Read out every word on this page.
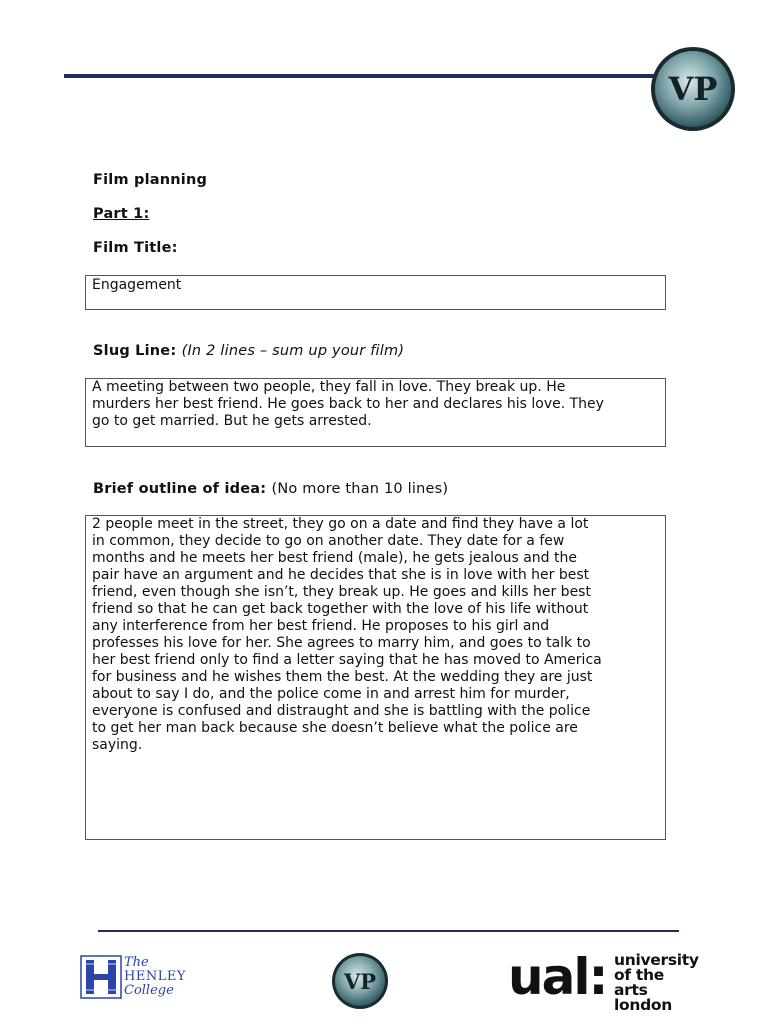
VP
Film planning
Part 1:
Film Title:
Engagement
Slug Line: (In 2 lines – sum up your film)
A meeting between two people, they fall in love. They break up. He
murders her best friend. He goes back to her and declares his love. They
go to get married. But he gets arrested.
Brief outline of idea: (No more than 10 lines)
2 people meet in the street, they go on a date and find they have a lot
in common, they decide to go on another date. They date for a few
months and he meets her best friend (male), he gets jealous and the
pair have an argument and he decides that she is in love with her best
friend, even though she isn’t, they break up. He goes and kills her best
friend so that he can get back together with the love of his life without
any interference from her best friend. He proposes to his girl and
professes his love for her. She agrees to marry him, and goes to talk to
her best friend only to find a letter saying that he has moved to America
for business and he wishes them the best. At the wedding they are just
about to say I do, and the police come in and arrest him for murder,
everyone is confused and distraught and she is battling with the police
to get her man back because she doesn’t believe what the police are
saying.
The
HENLEY
College	VP	ual: university
of the arts
london
